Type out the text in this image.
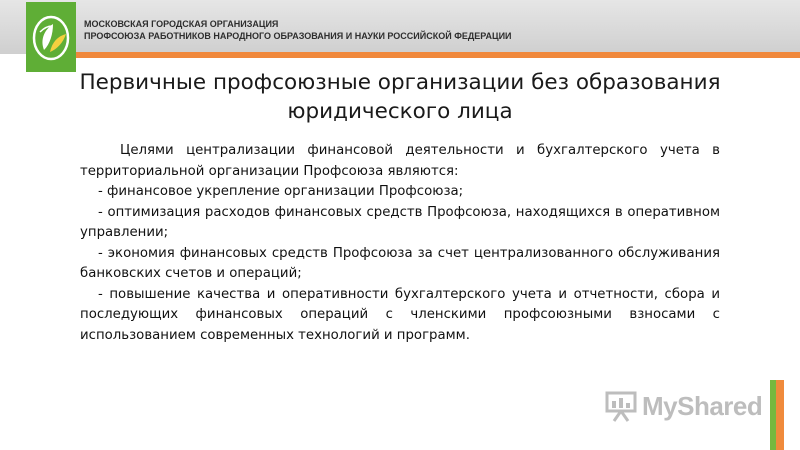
МОСКОВСКАЯ ГОРОДСКАЯ ОРГАНИЗАЦИЯ
ПРОФСОЮЗА РАБОТНИКОВ НАРОДНОГО ОБРАЗОВАНИЯ И НАУКИ РОССИЙСКОЙ ФЕДЕРАЦИИ
Первичные профсоюзные организации без образования
юридического лица

Целями централизации финансовой деятельности и бухгалтерского учета в территориальной организации Профсоюза являются:

- финансовое укрепление организации Профсоюза;

- оптимизация расходов финансовых средств Профсоюза, находящихся в оперативном управлении;

- экономия финансовых средств Профсоюза за счет централизованного обслуживания банковских счетов и операций;

- повышение качества и оперативности бухгалтерского учета и отчетности, сбора и последующих финансовых операций с членскими профсоюзными взносами с использованием современных технологий и программ.

MyShared
